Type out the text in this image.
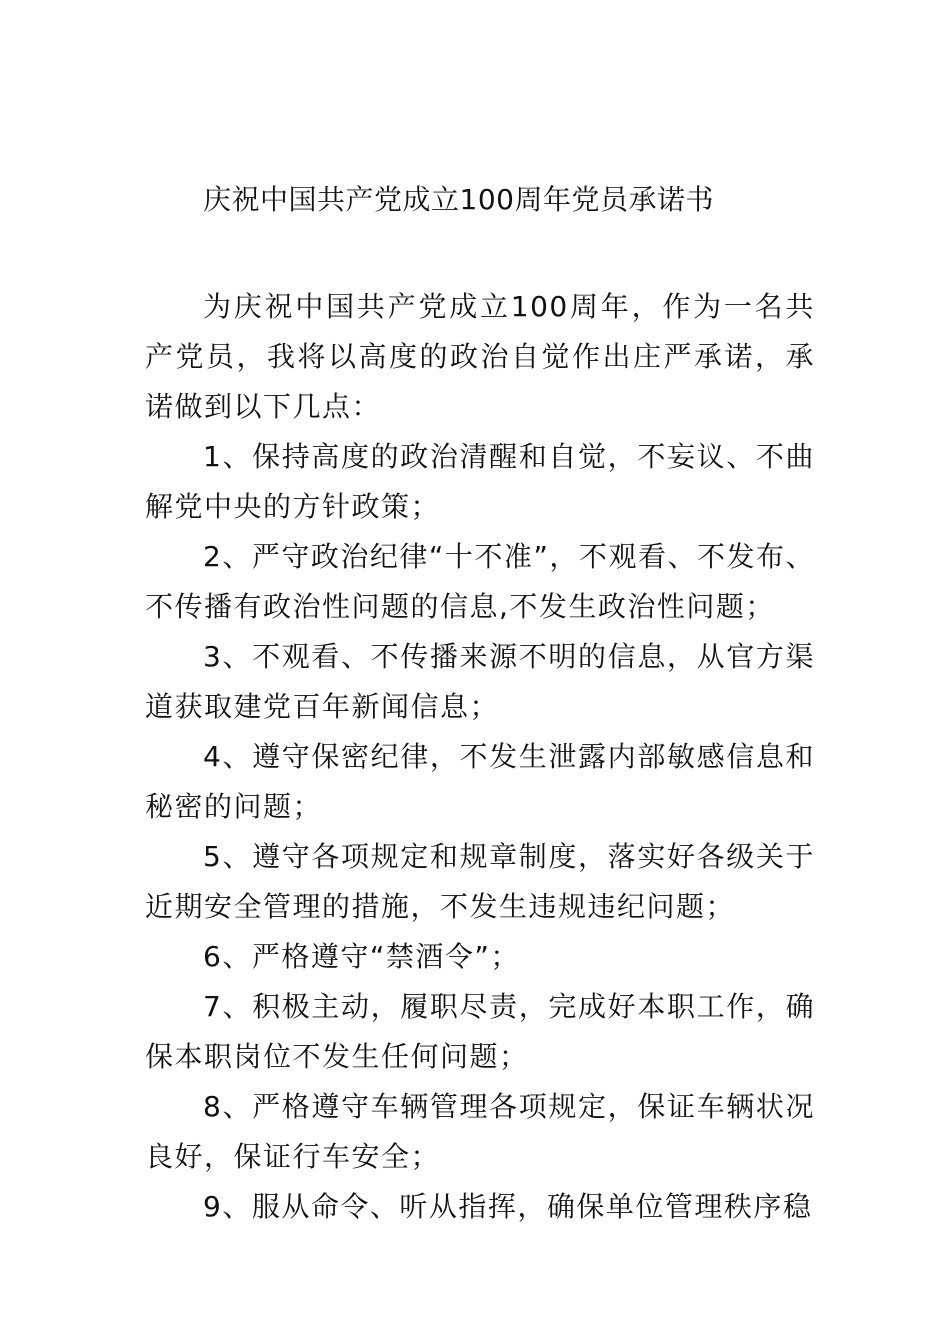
庆祝中国共产党成立100周年党员承诺书

为庆祝中国共产党成立100周年，作为一名共产党员，我将以高度的政治自觉作出庄严承诺，承诺做到以下几点：

1、保持高度的政治清醒和自觉，不妄议、不曲解党中央的方针政策；

2、严守政治纪律“十不准”，不观看、不发布、不传播有政治性问题的信息,不发生政治性问题；

3、不观看、不传播来源不明的信息，从官方渠道获取建党百年新闻信息；

4、遵守保密纪律，不发生泄露内部敏感信息和秘密的问题；

5、遵守各项规定和规章制度，落实好各级关于近期安全管理的措施，不发生违规违纪问题；

6、严格遵守“禁酒令”；

7、积极主动，履职尽责，完成好本职工作，确保本职岗位不发生任何问题；

8、严格遵守车辆管理各项规定，保证车辆状况良好，保证行车安全；

9、服从命令、听从指挥，确保单位管理秩序稳
